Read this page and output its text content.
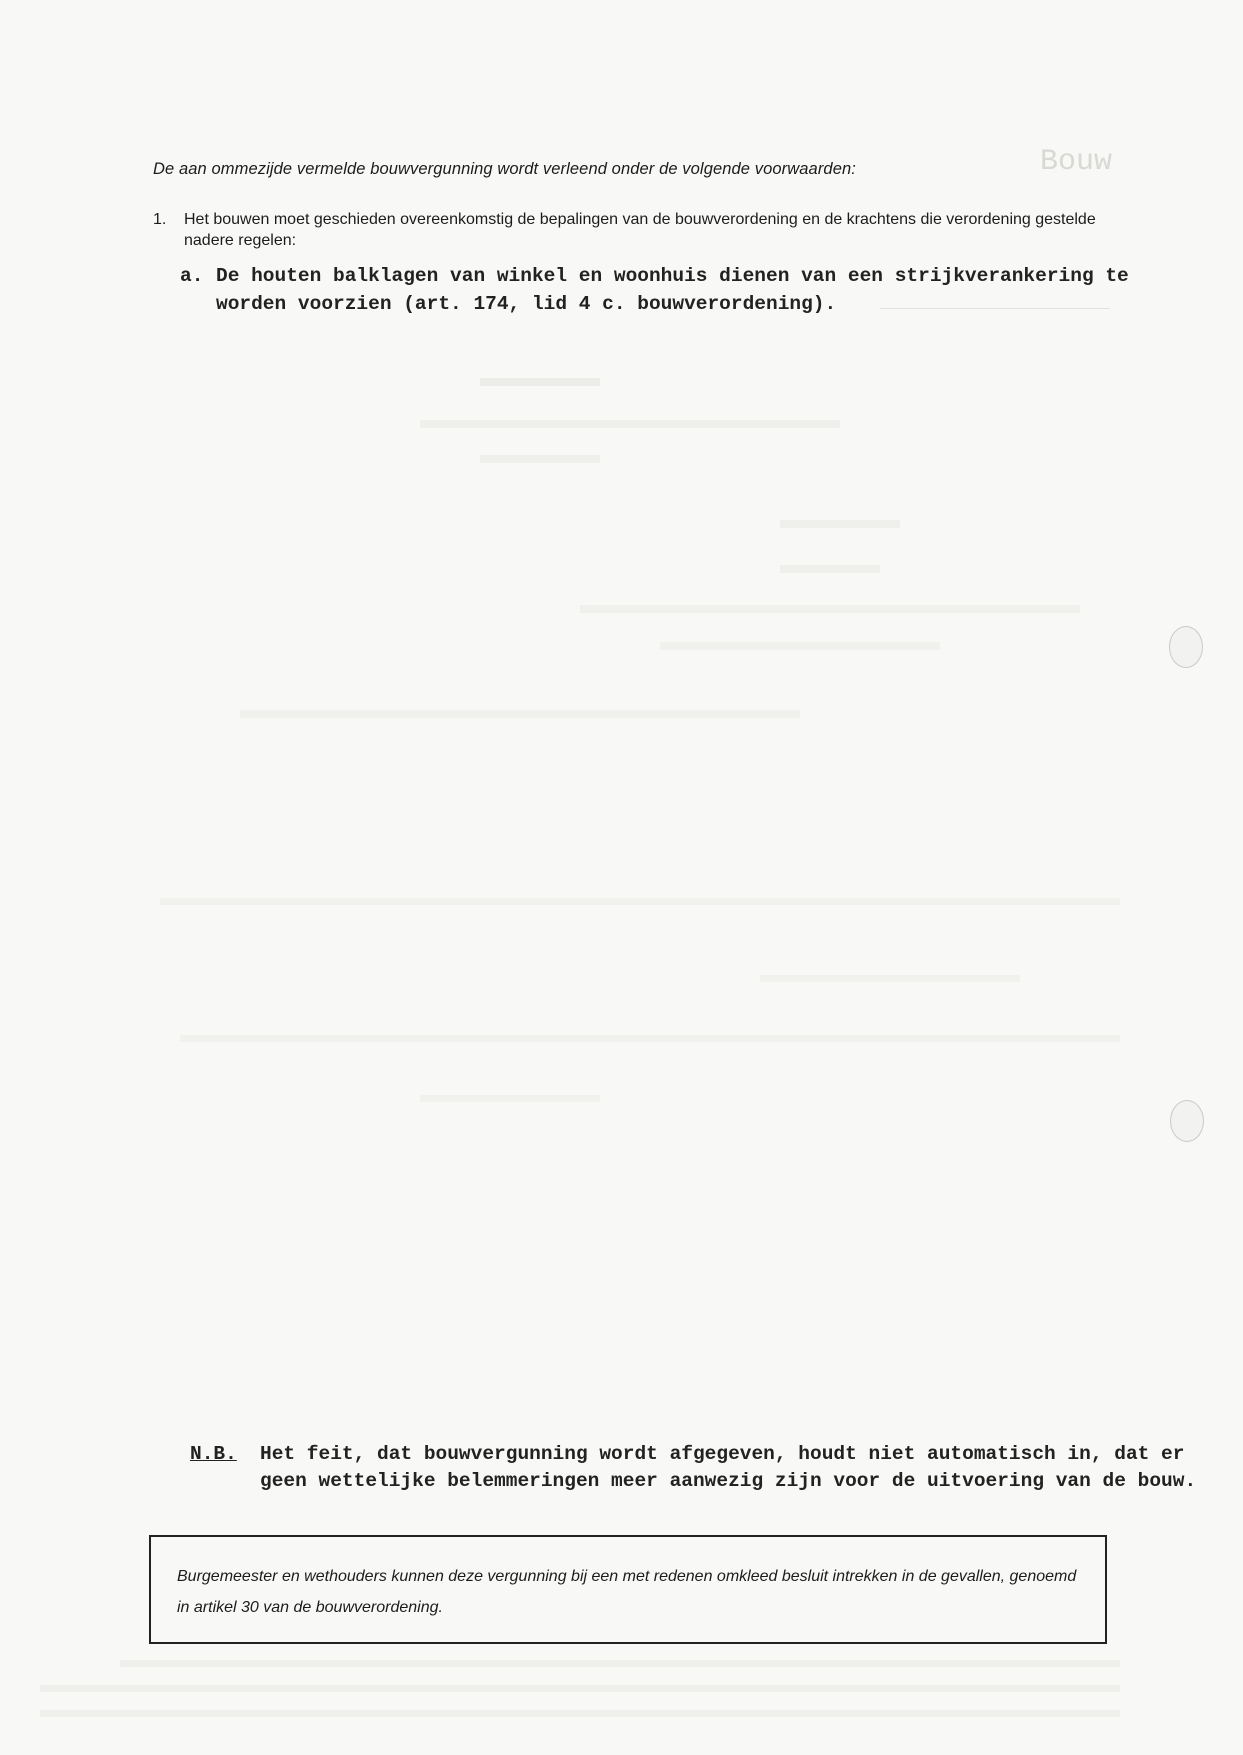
Bouw
De aan ommezijde vermelde bouwvergunning wordt verleend onder de volgende voorwaarden:
1. Het bouwen moet geschieden overeenkomstig de bepalingen van de bouwverordening en de krachtens die verordening gestelde nadere regelen:
a. De houten balklagen van winkel en woonhuis dienen van een strijkverankering te worden voorzien (art. 174, lid 4 c. bouwverordening).
N.B. Het feit, dat bouwvergunning wordt afgegeven, houdt niet automatisch in, dat er geen wettelijke belemmeringen meer aanwezig zijn voor de uitvoering van de bouw.
Burgemeester en wethouders kunnen deze vergunning bij een met redenen omkleed besluit intrekken in de gevallen, genoemd in artikel 30 van de bouwverordening.
